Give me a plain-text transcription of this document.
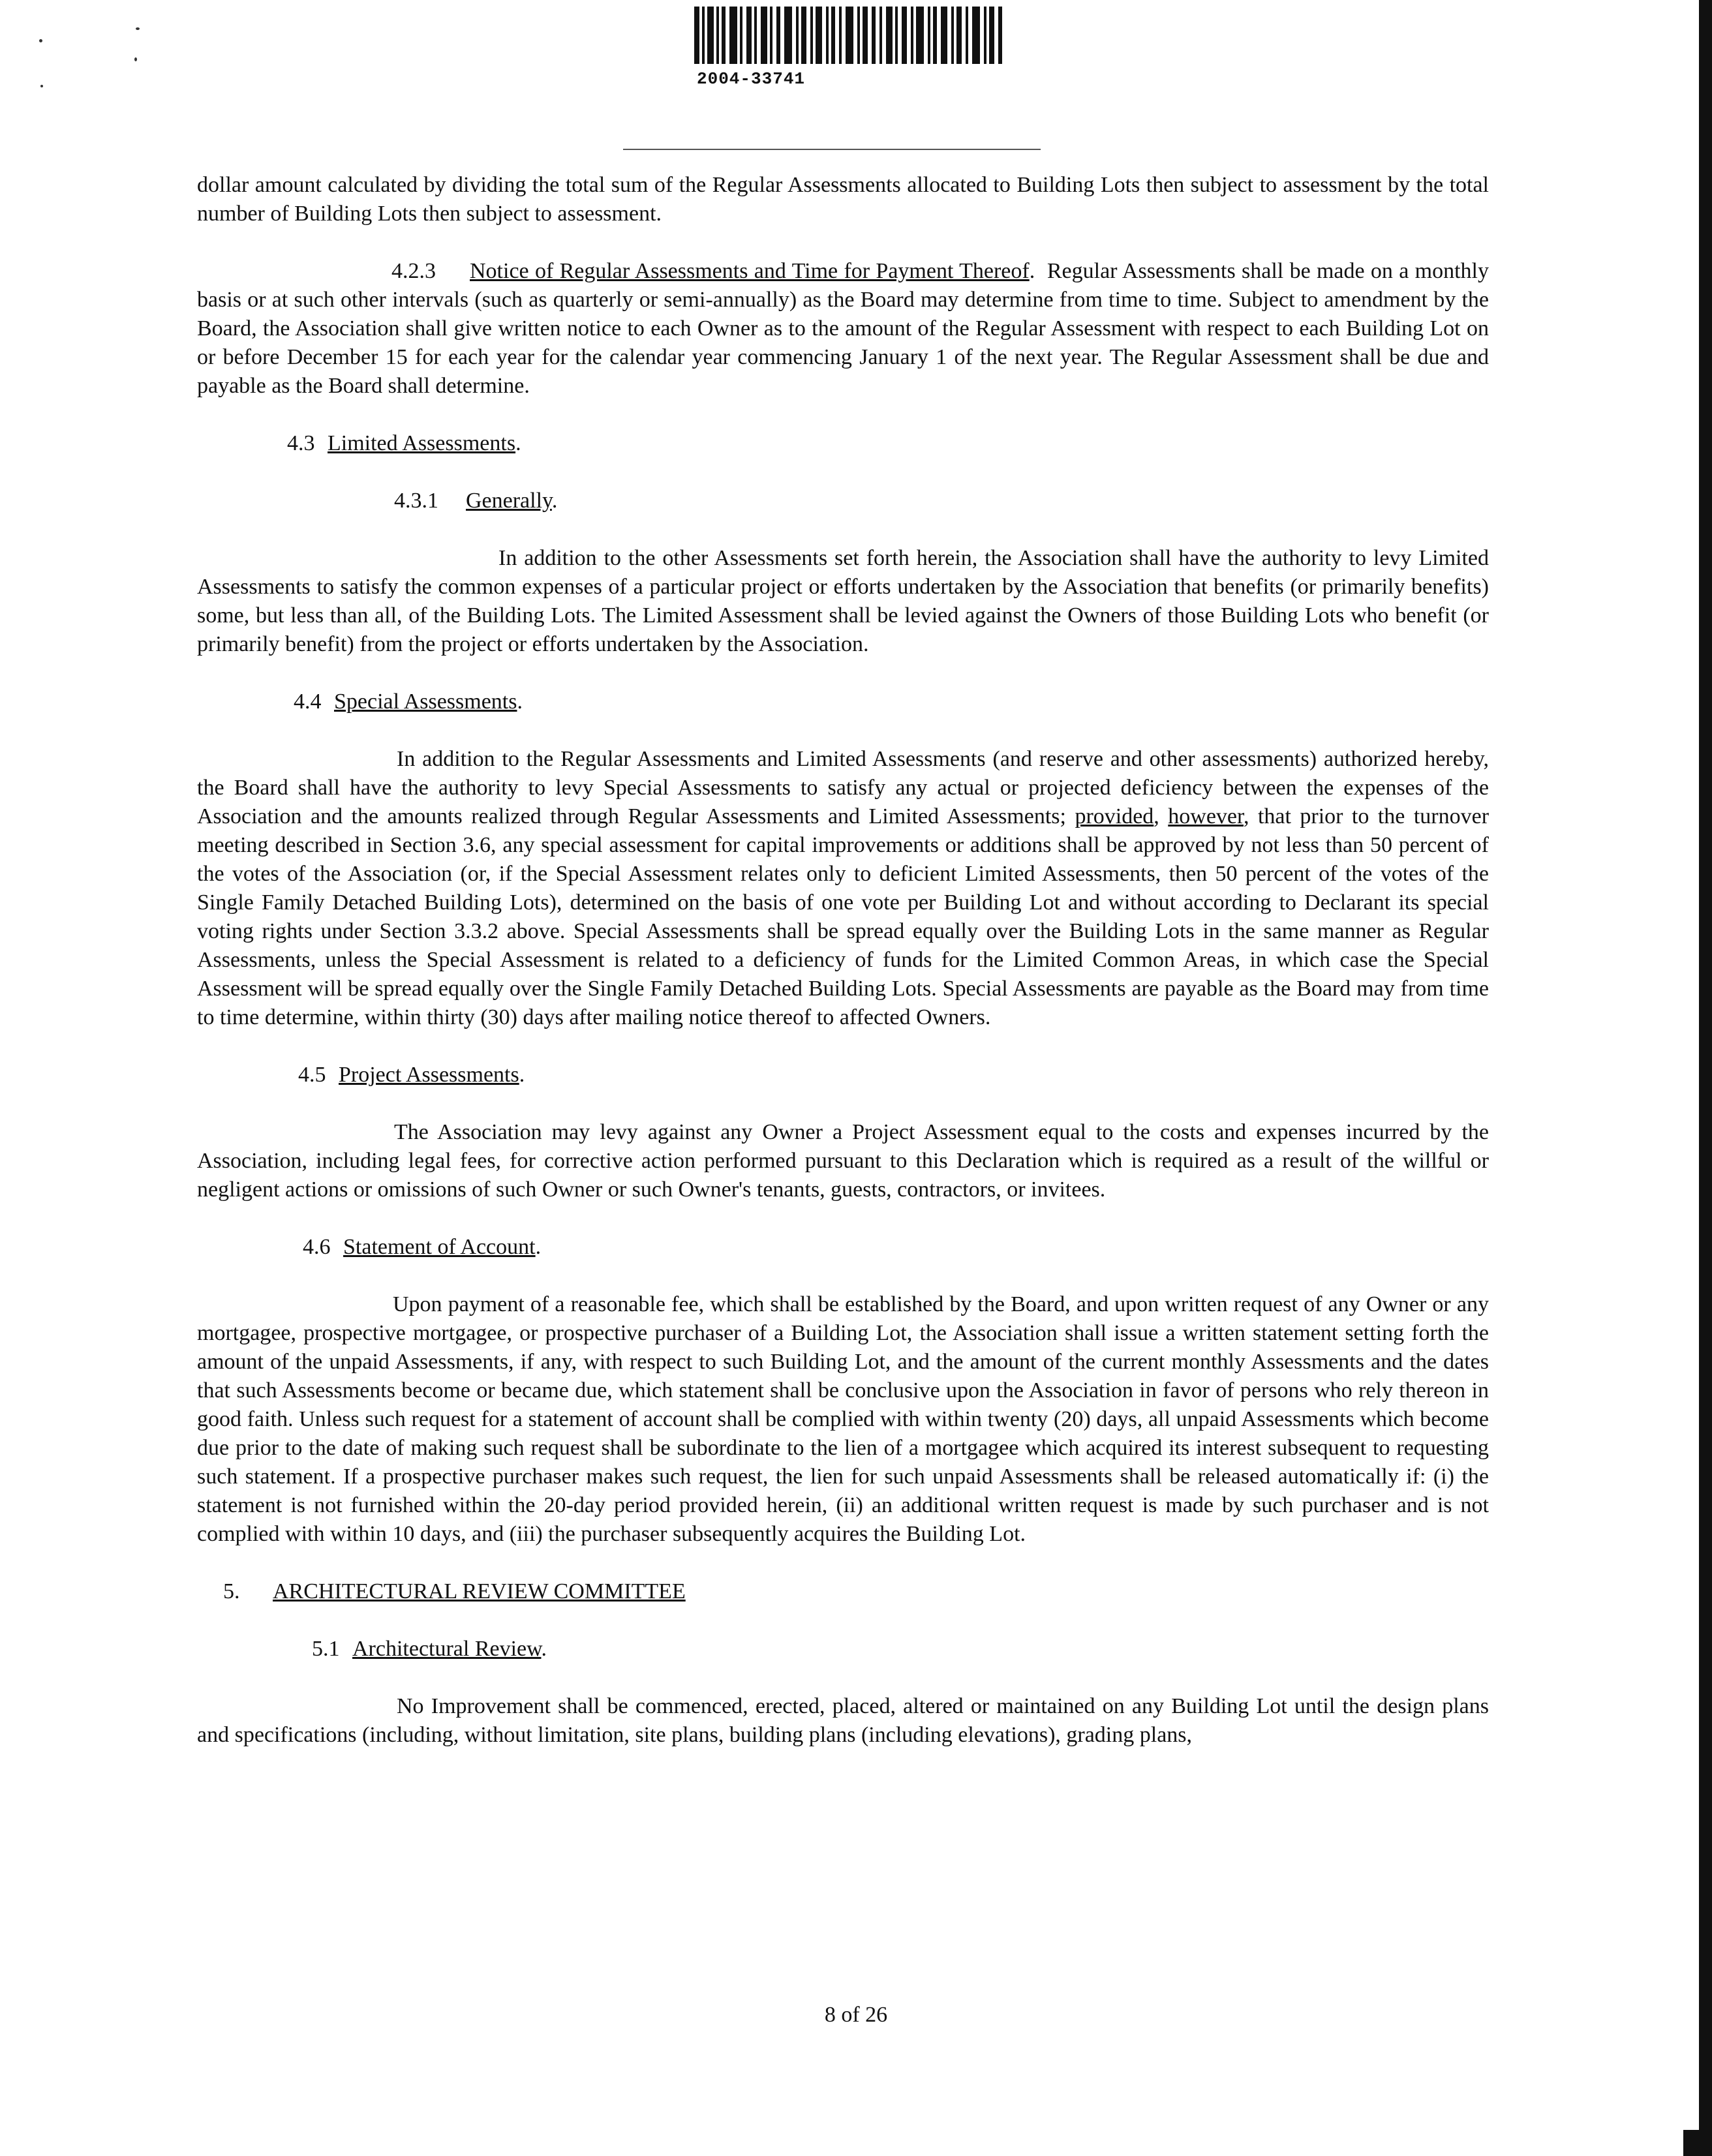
2004-33741

dollar amount calculated by dividing the total sum of the Regular Assessments allocated to Building Lots then subject to assessment by the total number of Building Lots then subject to assessment.

4.2.3 Notice of Regular Assessments and Time for Payment Thereof.  Regular Assessments shall be made on a monthly basis or at such other intervals (such as quarterly or semi-annually) as the Board may determine from time to time. Subject to amendment by the Board, the Association shall give written notice to each Owner as to the amount of the Regular Assessment with respect to each Building Lot on or before December 15 for each year for the calendar year commencing January 1 of the next year. The Regular Assessment shall be due and payable as the Board shall determine.

4.3 Limited Assessments.

4.3.1 Generally.

In addition to the other Assessments set forth herein, the Association shall have the authority to levy Limited Assessments to satisfy the common expenses of a particular project or efforts undertaken by the Association that benefits (or primarily benefits) some, but less than all, of the Building Lots. The Limited Assessment shall be levied against the Owners of those Building Lots who benefit (or primarily benefit) from the project or efforts undertaken by the Association.

4.4 Special Assessments.

In addition to the Regular Assessments and Limited Assessments (and reserve and other assessments) authorized hereby, the Board shall have the authority to levy Special Assessments to satisfy any actual or projected deficiency between the expenses of the Association and the amounts realized through Regular Assessments and Limited Assessments; provided, however, that prior to the turnover meeting described in Section 3.6, any special assessment for capital improvements or additions shall be approved by not less than 50 percent of the votes of the Association (or, if the Special Assessment relates only to deficient Limited Assessments, then 50 percent of the votes of the Single Family Detached Building Lots), determined on the basis of one vote per Building Lot and without according to Declarant its special voting rights under Section 3.3.2 above. Special Assessments shall be spread equally over the Building Lots in the same manner as Regular Assessments, unless the Special Assessment is related to a deficiency of funds for the Limited Common Areas, in which case the Special Assessment will be spread equally over the Single Family Detached Building Lots. Special Assessments are payable as the Board may from time to time determine, within thirty (30) days after mailing notice thereof to affected Owners.

4.5 Project Assessments.

The Association may levy against any Owner a Project Assessment equal to the costs and expenses incurred by the Association, including legal fees, for corrective action performed pursuant to this Declaration which is required as a result of the willful or negligent actions or omissions of such Owner or such Owner's tenants, guests, contractors, or invitees.

4.6 Statement of Account.

Upon payment of a reasonable fee, which shall be established by the Board, and upon written request of any Owner or any mortgagee, prospective mortgagee, or prospective purchaser of a Building Lot, the Association shall issue a written statement setting forth the amount of the unpaid Assessments, if any, with respect to such Building Lot, and the amount of the current monthly Assessments and the dates that such Assessments become or became due, which statement shall be conclusive upon the Association in favor of persons who rely thereon in good faith. Unless such request for a statement of account shall be complied with within twenty (20) days, all unpaid Assessments which become due prior to the date of making such request shall be subordinate to the lien of a mortgagee which acquired its interest subsequent to requesting such statement. If a prospective purchaser makes such request, the lien for such unpaid Assessments shall be released automatically if: (i) the statement is not furnished within the 20-day period provided herein, (ii) an additional written request is made by such purchaser and is not complied with within 10 days, and (iii) the purchaser subsequently acquires the Building Lot.

5. ARCHITECTURAL REVIEW COMMITTEE

5.1 Architectural Review.

No Improvement shall be commenced, erected, placed, altered or maintained on any Building Lot until the design plans and specifications (including, without limitation, site plans, building plans (including elevations), grading plans,

8 of 26
